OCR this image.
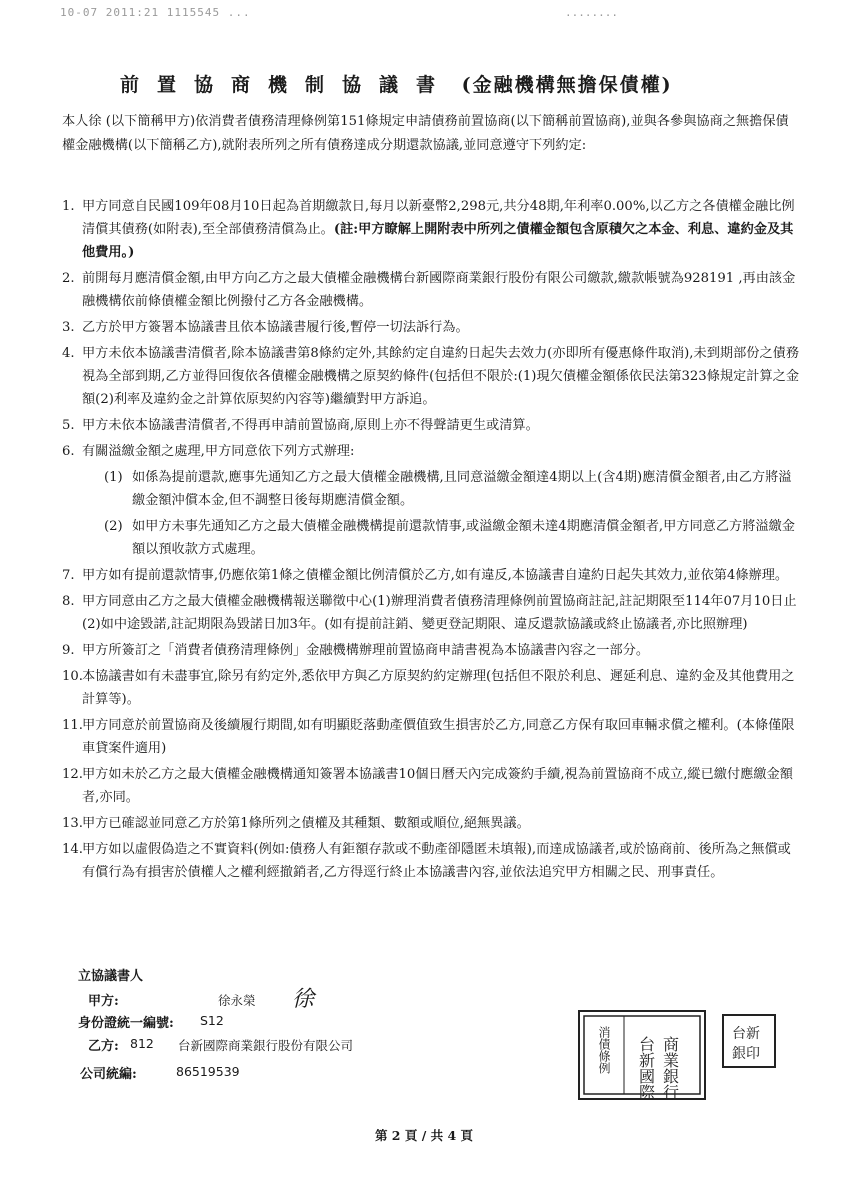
10-07 2011:21 1115545 ...	........
前置協商機制協議書 (金融機構無擔保債權)
本人徐 (以下簡稱甲方)依消費者債務清理條例第151條規定申請債務前置協商(以下簡稱前置協商),並與各參與協商之無擔保債權金融機構(以下簡稱乙方),就附表所列之所有債務達成分期還款協議,並同意遵守下列約定:
1. 甲方同意自民國109年08月10日起為首期繳款日,每月以新臺幣2,298元,共分48期,年利率0.00%,以乙方之各債權金融比例清償其債務(如附表),至全部債務清償為止。(註:甲方瞭解上開附表中所列之債權金額包含原積欠之本金、利息、違約金及其他費用。)
2. 前開每月應清償金額,由甲方向乙方之最大債權金融機構台新國際商業銀行股份有限公司繳款,繳款帳號為928191 ,再由該金融機構依前條債權金額比例撥付乙方各金融機構。
3. 乙方於甲方簽署本協議書且依本協議書履行後,暫停一切法訴行為。
4. 甲方未依本協議書清償者,除本協議書第8條約定外,其餘約定自違約日起失去效力(亦即所有優惠條件取消),未到期部份之債務視為全部到期,乙方並得回復依各債權金融機構之原契約條件(包括但不限於:(1)現欠債權金額係依民法第323條規定計算之金額(2)利率及違約金之計算依原契約內容等)繼續對甲方訴追。
5. 甲方未依本協議書清償者,不得再申請前置協商,原則上亦不得聲請更生或清算。
6. 有關溢繳金額之處理,甲方同意依下列方式辦理:
(1) 如係為提前還款,應事先通知乙方之最大債權金融機構,且同意溢繳金額達4期以上(含4期)應清償金額者,由乙方將溢繳金額沖償本金,但不調整日後每期應清償金額。
(2) 如甲方未事先通知乙方之最大債權金融機構提前還款情事,或溢繳金額未達4期應清償金額者,甲方同意乙方將溢繳金額以預收款方式處理。
7. 甲方如有提前還款情事,仍應依第1條之債權金額比例清償於乙方,如有違反,本協議書自違約日起失其效力,並依第4條辦理。
8. 甲方同意由乙方之最大債權金融機構報送聯徵中心(1)辦理消費者債務清理條例前置協商註記,註記期限至114年07月10日止(2)如中途毀諾,註記期限為毀諾日加3年。(如有提前註銷、變更登記期限、違反還款協議或終止協議者,亦比照辦理)
9. 甲方所簽訂之「消費者債務清理條例」金融機構辦理前置協商申請書視為本協議書內容之一部分。
10. 本協議書如有未盡事宜,除另有約定外,悉依甲方與乙方原契約約定辦理(包括但不限於利息、遲延利息、違約金及其他費用之計算等)。
11. 甲方同意於前置協商及後續履行期間,如有明顯貶落動產價值致生損害於乙方,同意乙方保有取回車輛求償之權利。(本條僅限車貸案件適用)
12. 甲方如未於乙方之最大債權金融機構通知簽署本協議書10個日曆天內完成簽約手續,視為前置協商不成立,縱已繳付應繳金額者,亦同。
13. 甲方已確認並同意乙方於第1條所列之債權及其種類、數額或順位,絕無異議。
14. 甲方如以虛假偽造之不實資料(例如:債務人有鉅額存款或不動產卻隱匿未填報),而達成協議者,或於協商前、後所為之無償或有償行為有損害於債權人之權利經撤銷者,乙方得逕行終止本協議書內容,並依法追究甲方相關之民、刑事責任。
立協議書人
甲方:	徐永榮 徐
身份證統一編號: S12
乙方: 812 台新國際商業銀行股份有限公司
公司統編:	86519539	台新國際 商業銀行
消債條例	台新
銀印
第 2 頁 / 共 4 頁
